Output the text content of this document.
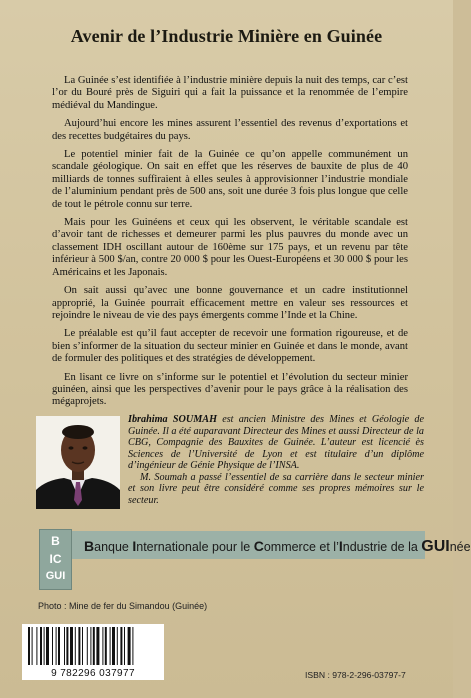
Avenir de l’Industrie Minière en Guinée

La Guinée s’est identifiée à l’industrie minière depuis la nuit des temps, car c’est l’or du Bouré près de Siguiri qui a fait la puissance et la renommée de l’empire médiéval du Mandingue.

Aujourd’hui encore les mines assurent l’essentiel des revenus d’exportations et des recettes budgétaires du pays.

Le potentiel minier fait de la Guinée ce qu’on appelle communément un scandale géologique. On sait en effet que les réserves de bauxite de plus de 40 milliards de tonnes suffiraient à elles seules à approvisionner l’industrie mondiale de l’aluminium pendant près de 500 ans, soit une durée 3 fois plus longue que celle de tout le pétrole connu sur terre.

Mais pour les Guinéens et ceux qui les observent, le véritable scandale est d’avoir tant de richesses et demeurer parmi les plus pauvres du monde avec un classement IDH oscillant autour de 160ème sur 175 pays, et un revenu par tête inférieur à 500 $/an, contre 20 000 $ pour les Ouest-Européens et 30 000 $ pour les Américains et les Japonais.

On sait aussi qu’avec une bonne gouvernance et un cadre institutionnel approprié, la Guinée pourrait efficacement mettre en valeur ses ressources et rejoindre le niveau de vie des pays émergents comme l’Inde et la Chine.

Le préalable est qu’il faut accepter de recevoir une formation rigoureuse, et de bien s’informer de la situation du secteur minier en Guinée et dans le monde, avant de formuler des politiques et des stratégies de développement.

En lisant ce livre on s’informe sur le potentiel et l’évolution du secteur minier guinéen, ainsi que les perspectives d’avenir pour le pays grâce à la réalisation des mégaprojets.

Ibrahima SOUMAH est ancien Ministre des Mines et Géologie de Guinée. Il a été auparavant Directeur des Mines et aussi Directeur de la CBG, Compagnie des Bauxites de Guinée. L’auteur est licencié ès Sciences de l’Université de Lyon et est titulaire d’un diplôme d’ingénieur de Génie Physique de l’INSA.

M. Soumah a passé l’essentiel de sa carrière dans le secteur minier et son livre peut être considéré comme ses propres mémoires sur le secteur.

B
IC
GUI
Banque Internationale pour le Commerce et l’Industrie de la GUInée
Photo : Mine de fer du Simandou (Guinée)
9 782296 037977	ISBN : 978-2-296-03797-7
